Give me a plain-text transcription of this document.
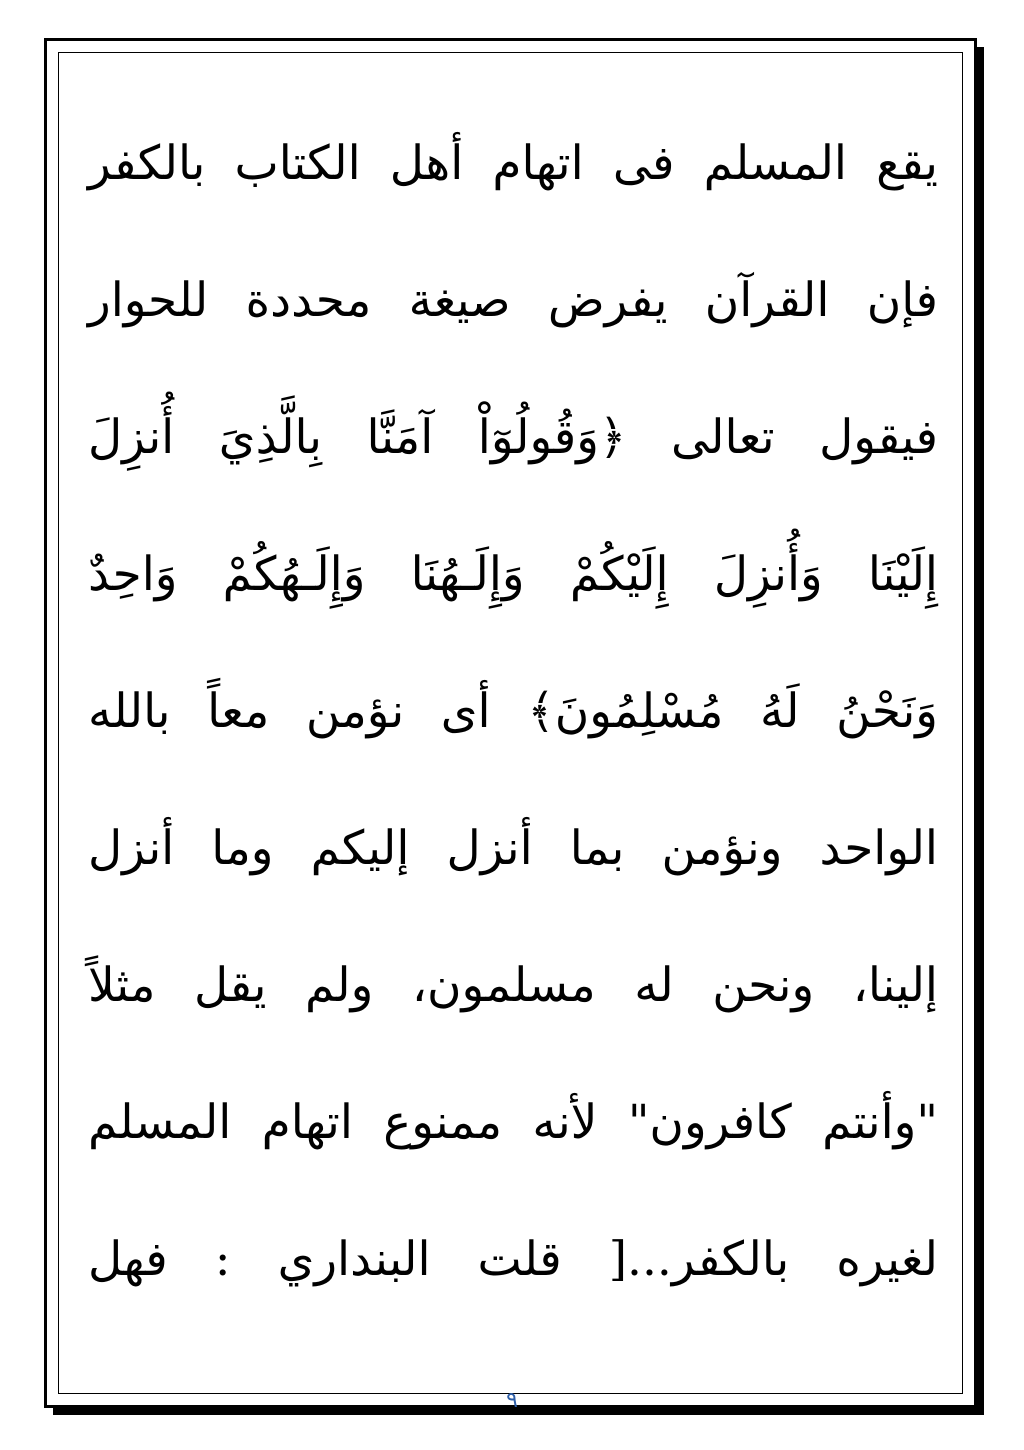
يقع المسلم فى اتهام أهل الكتاب بالكفر
فإن القرآن يفرض صيغة محددة للحوار
فيقول تعالى ﴿وَقُولُوٓاْ آمَنَّا بِالَّذِيَ أُنزِلَ
إِلَيْنَا وَأُنزِلَ إِلَيْكُمْ وَإِلَـهُنَا وَإِلَـهُكُمْ وَاحِدٌ
وَنَحْنُ لَهُ مُسْلِمُونَ﴾ أى نؤمن معاً بالله
الواحد ونؤمن بما أنزل إليكم وما أنزل
إلينا، ونحن له مسلمون، ولم يقل مثلاً
"وأنتم كافرون" لأنه ممنوع اتهام المسلم
لغيره بالكفر...[ قلت البنداري : فهل
٩
